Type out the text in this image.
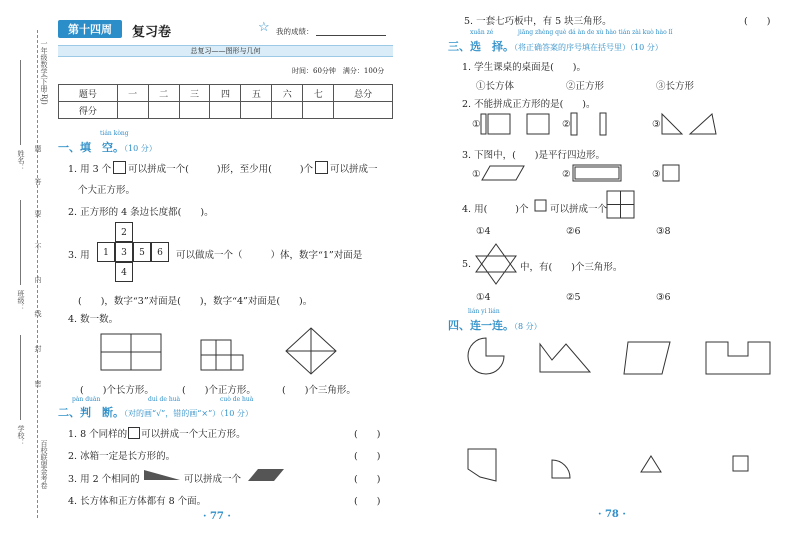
姓名：
班级：
学校：
一年级数学(下册·RJ)
百校联盟金考卷
题
答
要
不
内
线
封
密
第十四周	复习卷	☆ 我的成绩：
总复习——图形与几何
时间：60分钟　满分：100分
题号	一	二	三	四	五	六	七	总分
得分								
tián kòng
一、填　空。（10 分）
1. 用 3 个 可以拼成一个(	)形，至少用(	)个 可以拼成一
个大正方形。
2. 正方形的 4 条边长度都(　　)。
3. 用
2
1	3	5	6
4
可以做成一个（	）体，数字“1”对面是
(　　)，数字“3”对面是(　　)，数字“4”对面是(　　)。
4. 数一数。
(　　)个长方形。	(　　)个正方形。	(　　)个三角形。
pàn duàn	duì de huà	cuò de huà
二、判　断。（对的画“√”，错的画“×”）（10 分）
1. 8 个同样的 可以拼成一个大正方形。	(　　)
2. 冰箱一定是长方形的。	(　　)
3. 用 2 个相同的	可以拼成一个	(　　)
4. 长方体和正方体都有 8 个面。	(　　)
· 77 ·
5. 一套七巧板中，有 5 块三角形。	(　　)
xuǎn zé	jiāng zhèng què dá àn de xù hào tián zài kuò hào lǐ
三、选　择。（将正确答案的序号填在括号里）（10 分）
1. 学生课桌的桌面是(　　)。
①长方体	②正方形	③长方形
2. 不能拼成正方形的是(　　)。
①	②	③
3. 下图中，(　　)是平行四边形。
①	②	③
4. 用(	)个 可以拼成一个
①4	②6	③8
5.	中，有(　　)个三角形。
①4	②5	③6
lián yi lián
四、连一连。（8 分）
· 78 ·
